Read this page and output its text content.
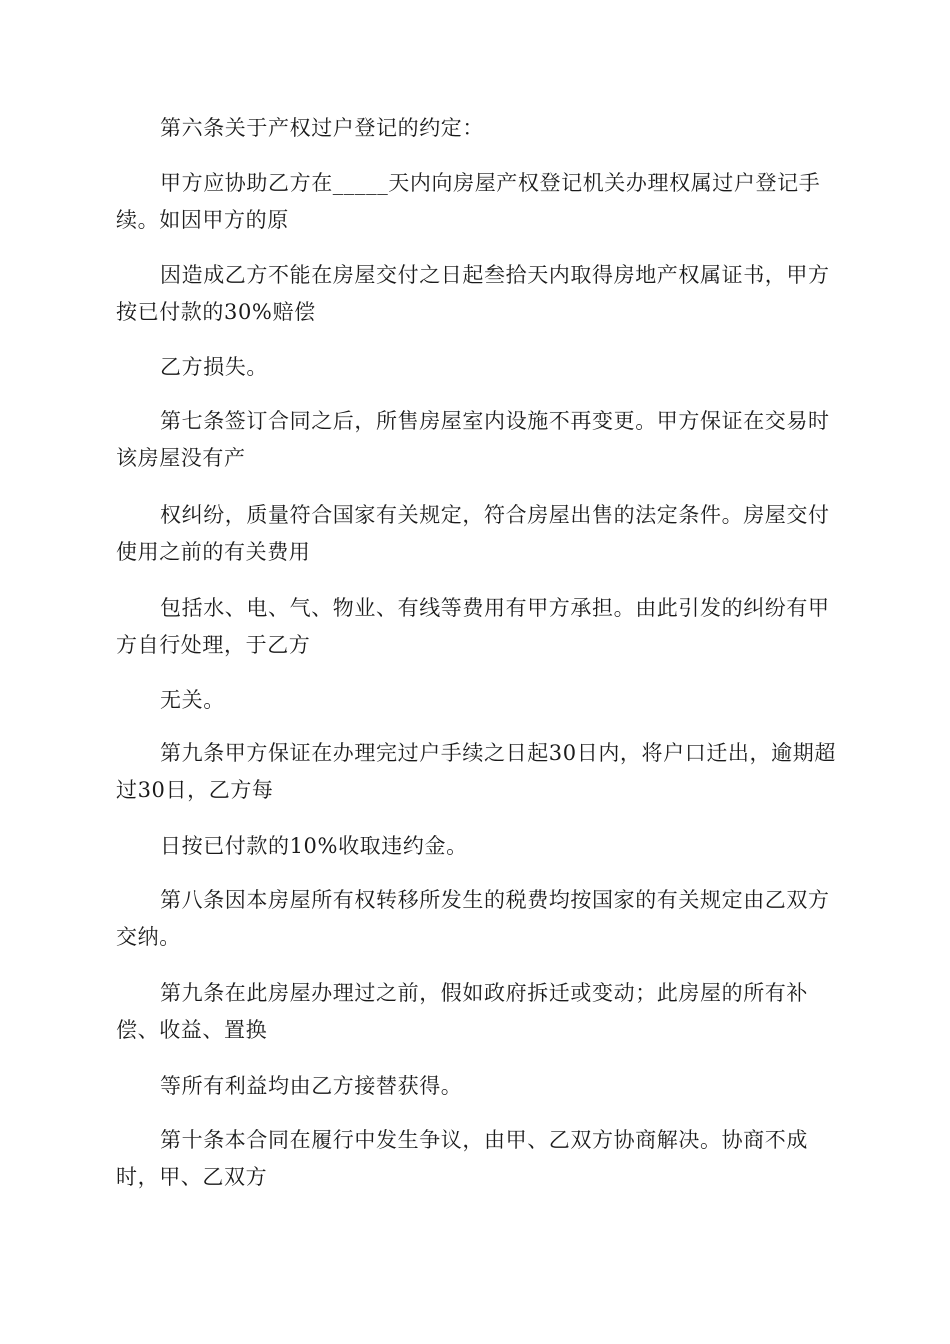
第六条关于产权过户登记的约定：

甲方应协助乙方在_____天内向房屋产权登记机关办理权属过户登记手续。如因甲方的原

因造成乙方不能在房屋交付之日起叁拾天内取得房地产权属证书，甲方按已付款的30%赔偿

乙方损失。

第七条签订合同之后，所售房屋室内设施不再变更。甲方保证在交易时该房屋没有产

权纠纷，质量符合国家有关规定，符合房屋出售的法定条件。房屋交付使用之前的有关费用

包括水、电、气、物业、有线等费用有甲方承担。由此引发的纠纷有甲方自行处理，于乙方

无关。

第九条甲方保证在办理完过户手续之日起30日内，将户口迁出，逾期超过30日，乙方每

日按已付款的10%收取违约金。

第八条因本房屋所有权转移所发生的税费均按国家的有关规定由乙双方交纳。

第九条在此房屋办理过之前，假如政府拆迁或变动；此房屋的所有补偿、收益、置换

等所有利益均由乙方接替获得。

第十条本合同在履行中发生争议，由甲、乙双方协商解决。协商不成时，甲、乙双方
